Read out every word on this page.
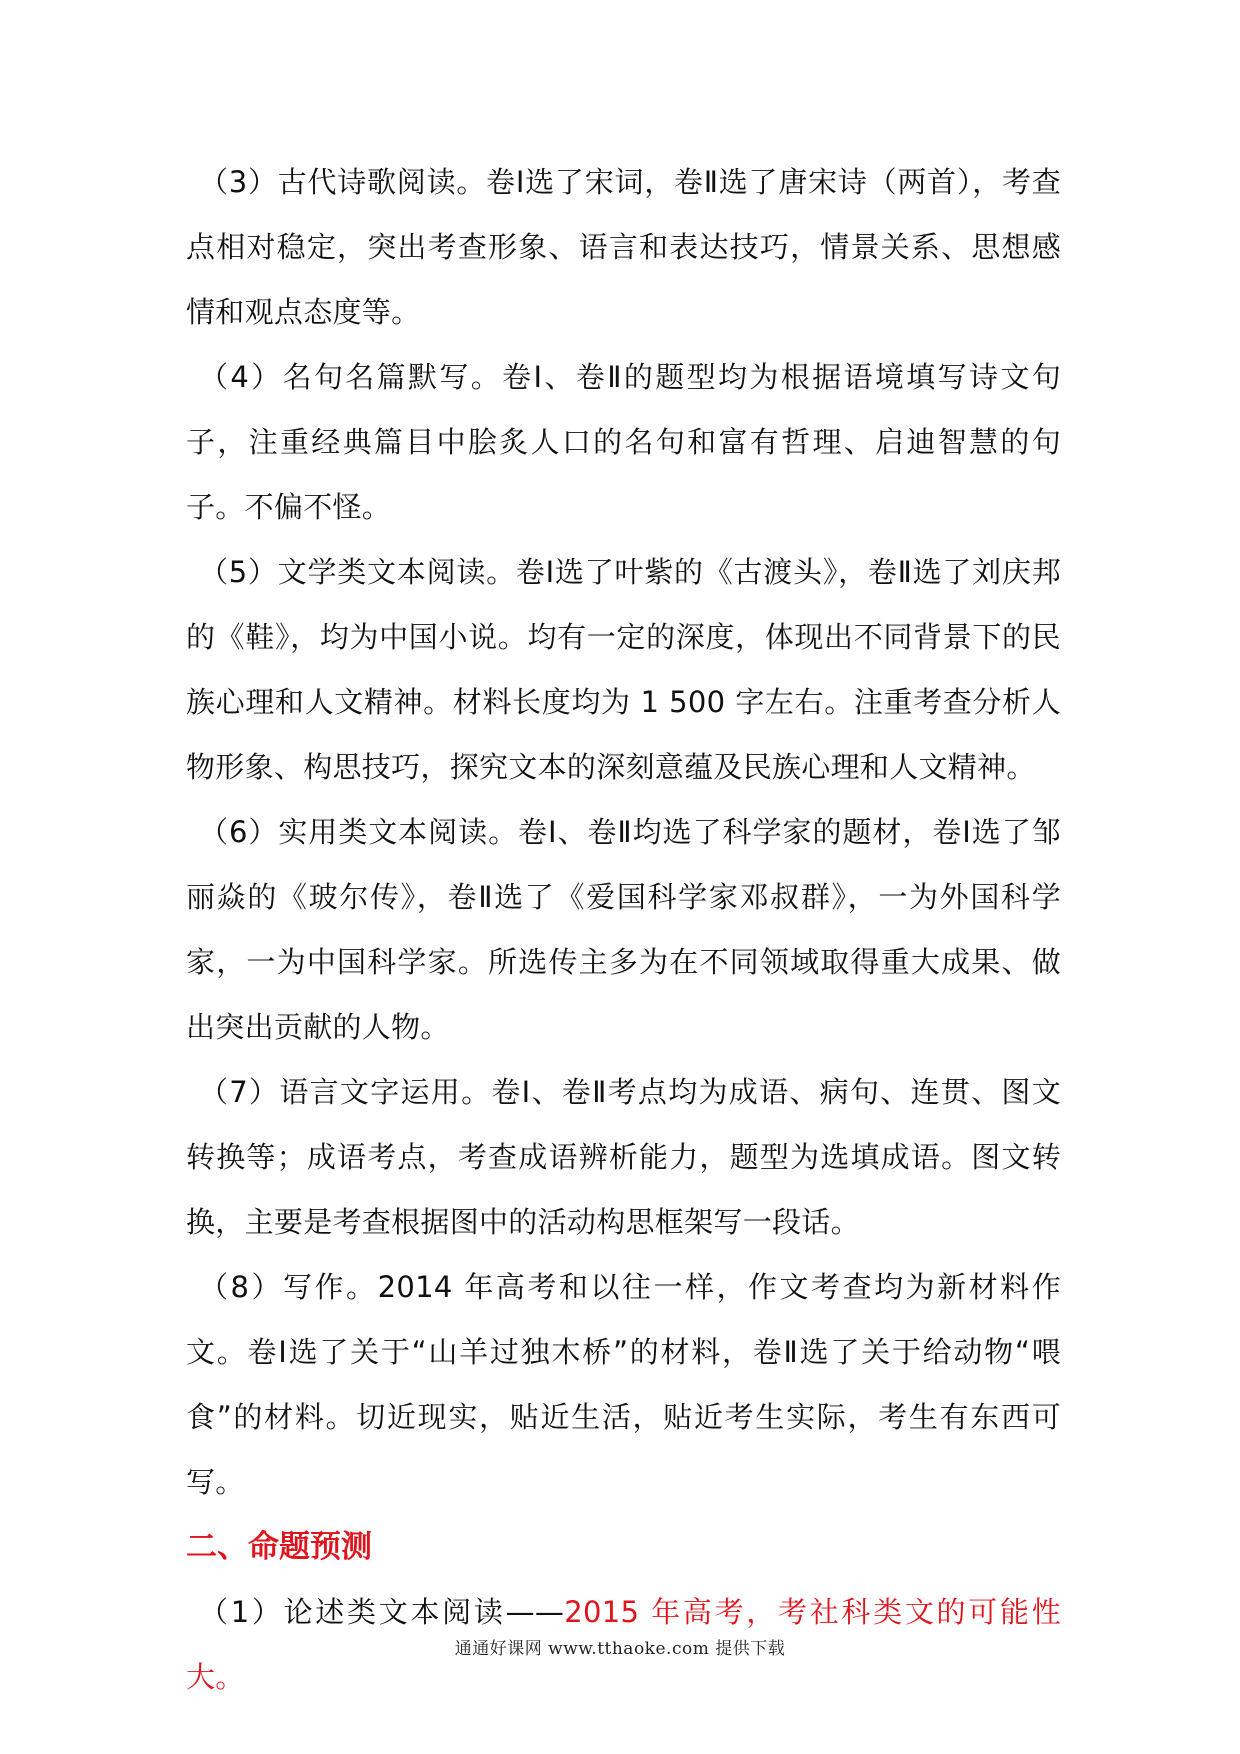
（3）古代诗歌阅读。卷Ⅰ选了宋词，卷Ⅱ选了唐宋诗（两首），考查点相对稳定，突出考查形象、语言和表达技巧，情景关系、思想感情和观点态度等。

（4）名句名篇默写。卷Ⅰ、卷Ⅱ的题型均为根据语境填写诗文句子，注重经典篇目中脍炙人口的名句和富有哲理、启迪智慧的句子。不偏不怪。

（5）文学类文本阅读。卷Ⅰ选了叶紫的《古渡头》，卷Ⅱ选了刘庆邦的《鞋》，均为中国小说。均有一定的深度，体现出不同背景下的民族心理和人文精神。材料长度均为 1 500 字左右。注重考查分析人物形象、构思技巧，探究文本的深刻意蕴及民族心理和人文精神。

（6）实用类文本阅读。卷Ⅰ、卷Ⅱ均选了科学家的题材，卷Ⅰ选了邹丽焱的《玻尔传》，卷Ⅱ选了《爱国科学家邓叔群》，一为外国科学家，一为中国科学家。所选传主多为在不同领域取得重大成果、做出突出贡献的人物。

（7）语言文字运用。卷Ⅰ、卷Ⅱ考点均为成语、病句、连贯、图文转换等；成语考点，考查成语辨析能力，题型为选填成语。图文转换，主要是考查根据图中的活动构思框架写一段话。

（8）写作。2014 年高考和以往一样，作文考查均为新材料作文。卷Ⅰ选了关于“山羊过独木桥”的材料，卷Ⅱ选了关于给动物“喂食”的材料。切近现实，贴近生活，贴近考生实际，考生有东西可写。

二、命题预测

（1）论述类文本阅读——2015 年高考，考社科类文的可能性大。

通通好课网 www.tthaoke.com 提供下载
